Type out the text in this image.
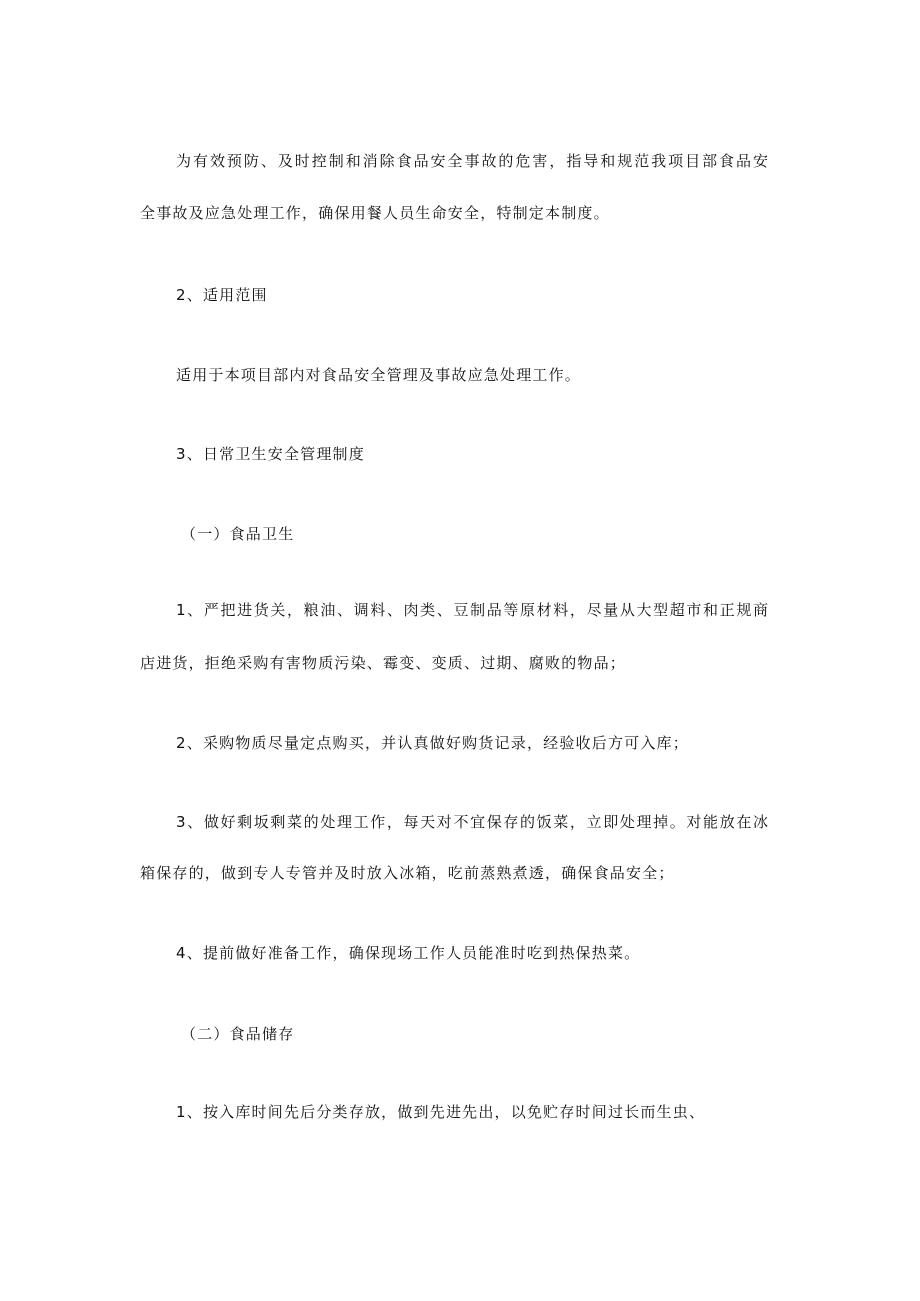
为有效预防、及时控制和消除食品安全事故的危害，指导和规范我项目部食品安
全事故及应急处理工作，确保用餐人员生命安全，特制定本制度。
2、适用范围
适用于本项目部内对食品安全管理及事故应急处理工作。
3、日常卫生安全管理制度
（一）食品卫生
1、严把进货关，粮油、调料、肉类、豆制品等原材料，尽量从大型超市和正规商
店进货，拒绝采购有害物质污染、霉变、变质、过期、腐败的物品；
2、采购物质尽量定点购买，并认真做好购货记录，经验收后方可入库；
3、做好剩坂剩菜的处理工作，每天对不宜保存的饭菜，立即处理掉。对能放在冰
箱保存的，做到专人专管并及时放入冰箱，吃前蒸熟煮透，确保食品安全；
4、提前做好准备工作，确保现场工作人员能准时吃到热保热菜。
（二）食品储存
1、按入库时间先后分类存放，做到先进先出，以免贮存时间过长而生虫、
